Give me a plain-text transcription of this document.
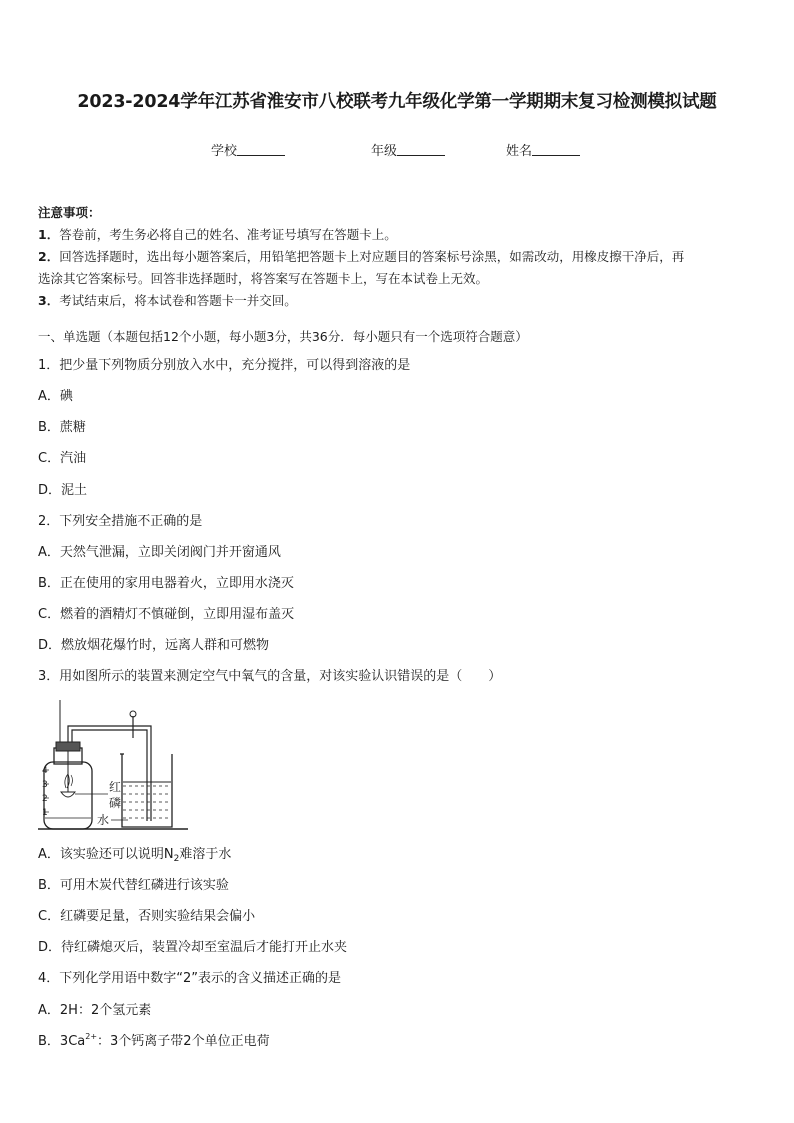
2023-2024学年江苏省淮安市八校联考九年级化学第一学期期末复习检测模拟试题
学校	年级	姓名
注意事项：
1．答卷前，考生务必将自己的姓名、准考证号填写在答题卡上。
2．回答选择题时，选出每小题答案后，用铅笔把答题卡上对应题目的答案标号涂黑，如需改动，用橡皮擦干净后，再
选涂其它答案标号。回答非选择题时，将答案写在答题卡上，写在本试卷上无效。
3．考试结束后，将本试卷和答题卡一并交回。
一、单选题（本题包括12个小题，每小题3分，共36分．每小题只有一个选项符合题意）
1．把少量下列物质分别放入水中，充分搅拌，可以得到溶液的是
A．碘
B．蔗糖
C．汽油
D．泥土
2．下列安全措施不正确的是
A．天然气泄漏，立即关闭阀门并开窗通风
B．正在使用的家用电器着火，立即用水浇灭
C．燃着的酒精灯不慎碰倒，立即用湿布盖灭
D．燃放烟花爆竹时，远离人群和可燃物
3．用如图所示的装置来测定空气中氧气的含量，对该实验认识错误的是（　　）
4
3
2
1
红
磷
水
A．该实验还可以说明$N_2$难溶于水
B．可用木炭代替红磷进行该实验
C．红磷要足量，否则实验结果会偏小
D．待红磷熄灭后，装置冷却至室温后才能打开止水夹
4．下列化学用语中数字“2”表示的含义描述正确的是
A．2H：2个氢元素
B．$3Ca^{2+}$：3个钙离子带2个单位正电荷
